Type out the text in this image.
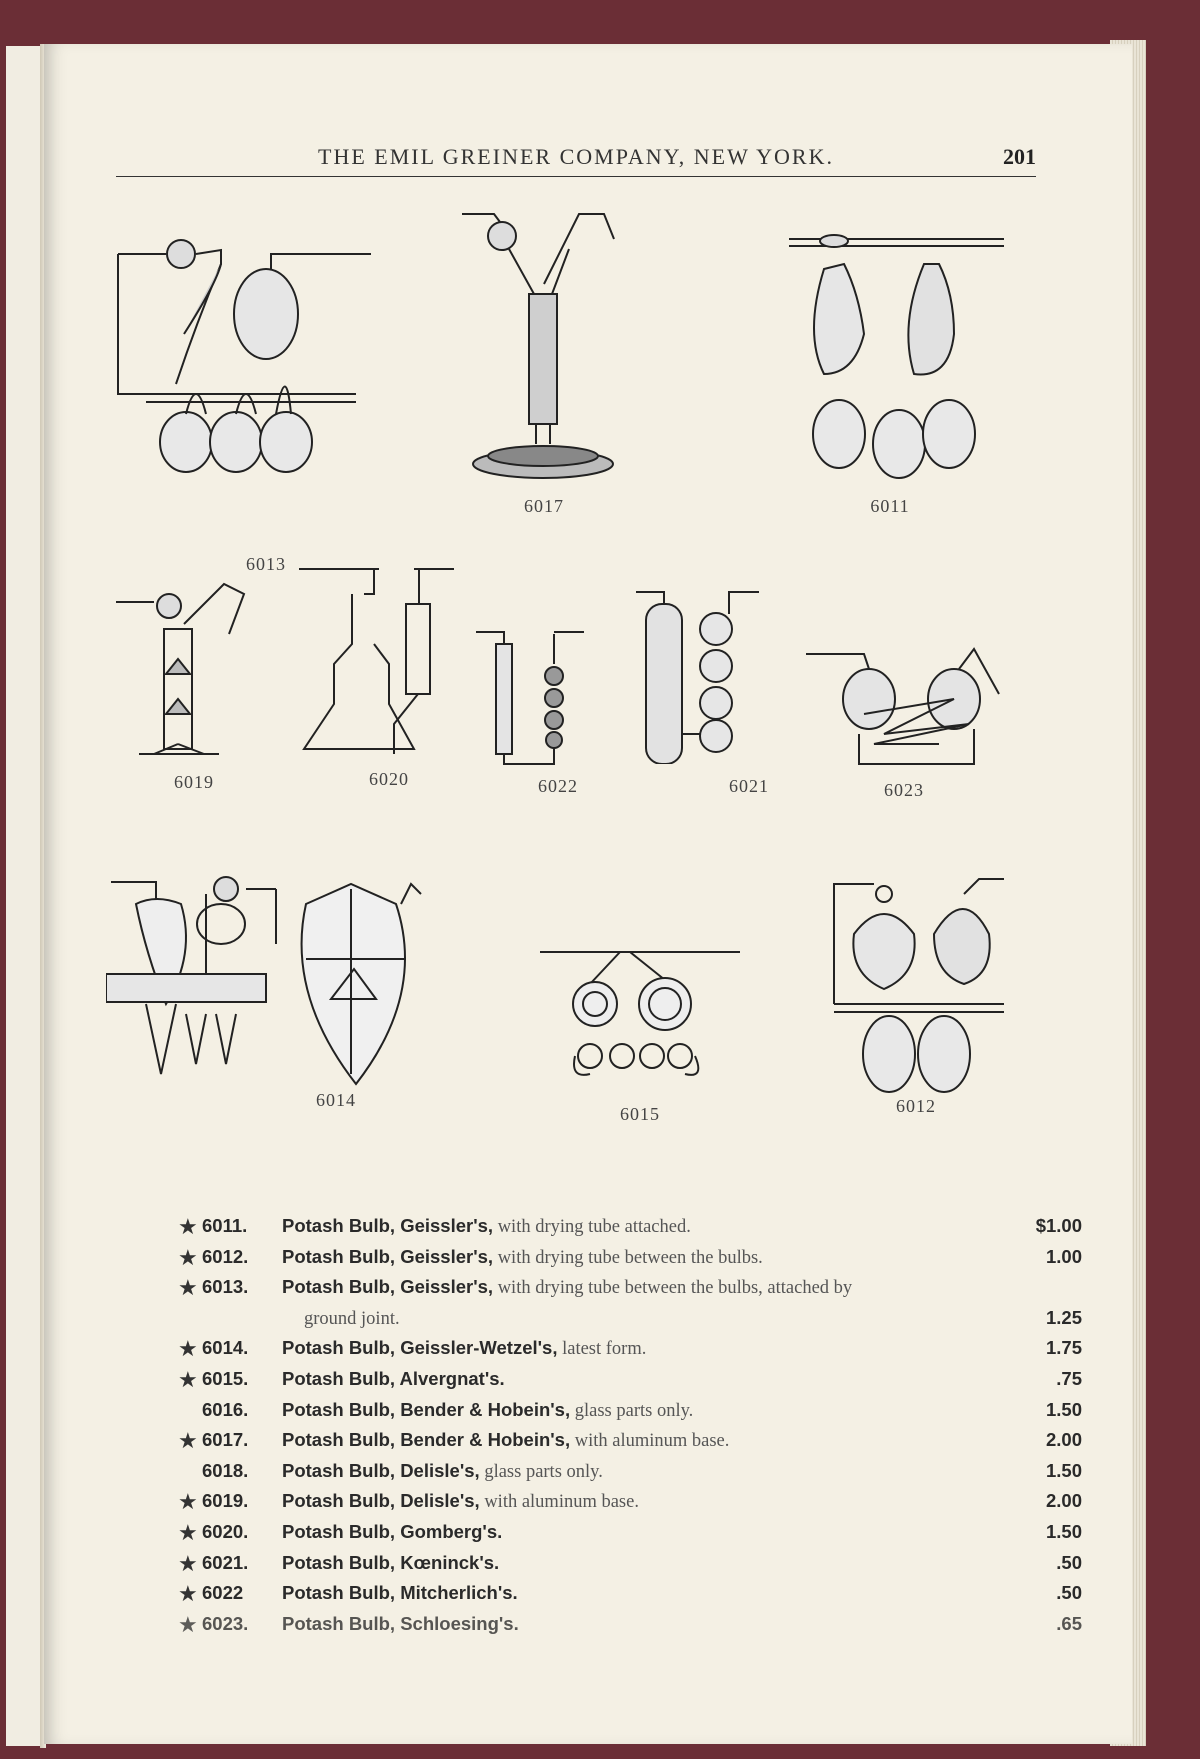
THE EMIL GREINER COMPANY, NEW YORK.	201
6013
6017	6011
6019	6020	6022	6021	6023
6014
6015	6012
★ 6011. Potash Bulb, Geissler's, with drying tube attached.	$1.00
★ 6012. Potash Bulb, Geissler's, with drying tube between the bulbs.	1.00
★ 6013. Potash Bulb, Geissler's, with drying tube between the bulbs, attached by
ground joint.	1.25
★ 6014. Potash Bulb, Geissler-Wetzel's, latest form.	1.75
★ 6015. Potash Bulb, Alvergnat's.	.75
6016. Potash Bulb, Bender & Hobein's, glass parts only.	1.50
★ 6017. Potash Bulb, Bender & Hobein's, with aluminum base.	2.00
6018. Potash Bulb, Delisle's, glass parts only.	1.50
★ 6019. Potash Bulb, Delisle's, with aluminum base.	2.00
★ 6020. Potash Bulb, Gomberg's.	1.50
★ 6021. Potash Bulb, Kœninck's.	.50
★ 6022 Potash Bulb, Mitcherlich's.	.50
★ 6023. Potash Bulb, Schloesing's.	.65
